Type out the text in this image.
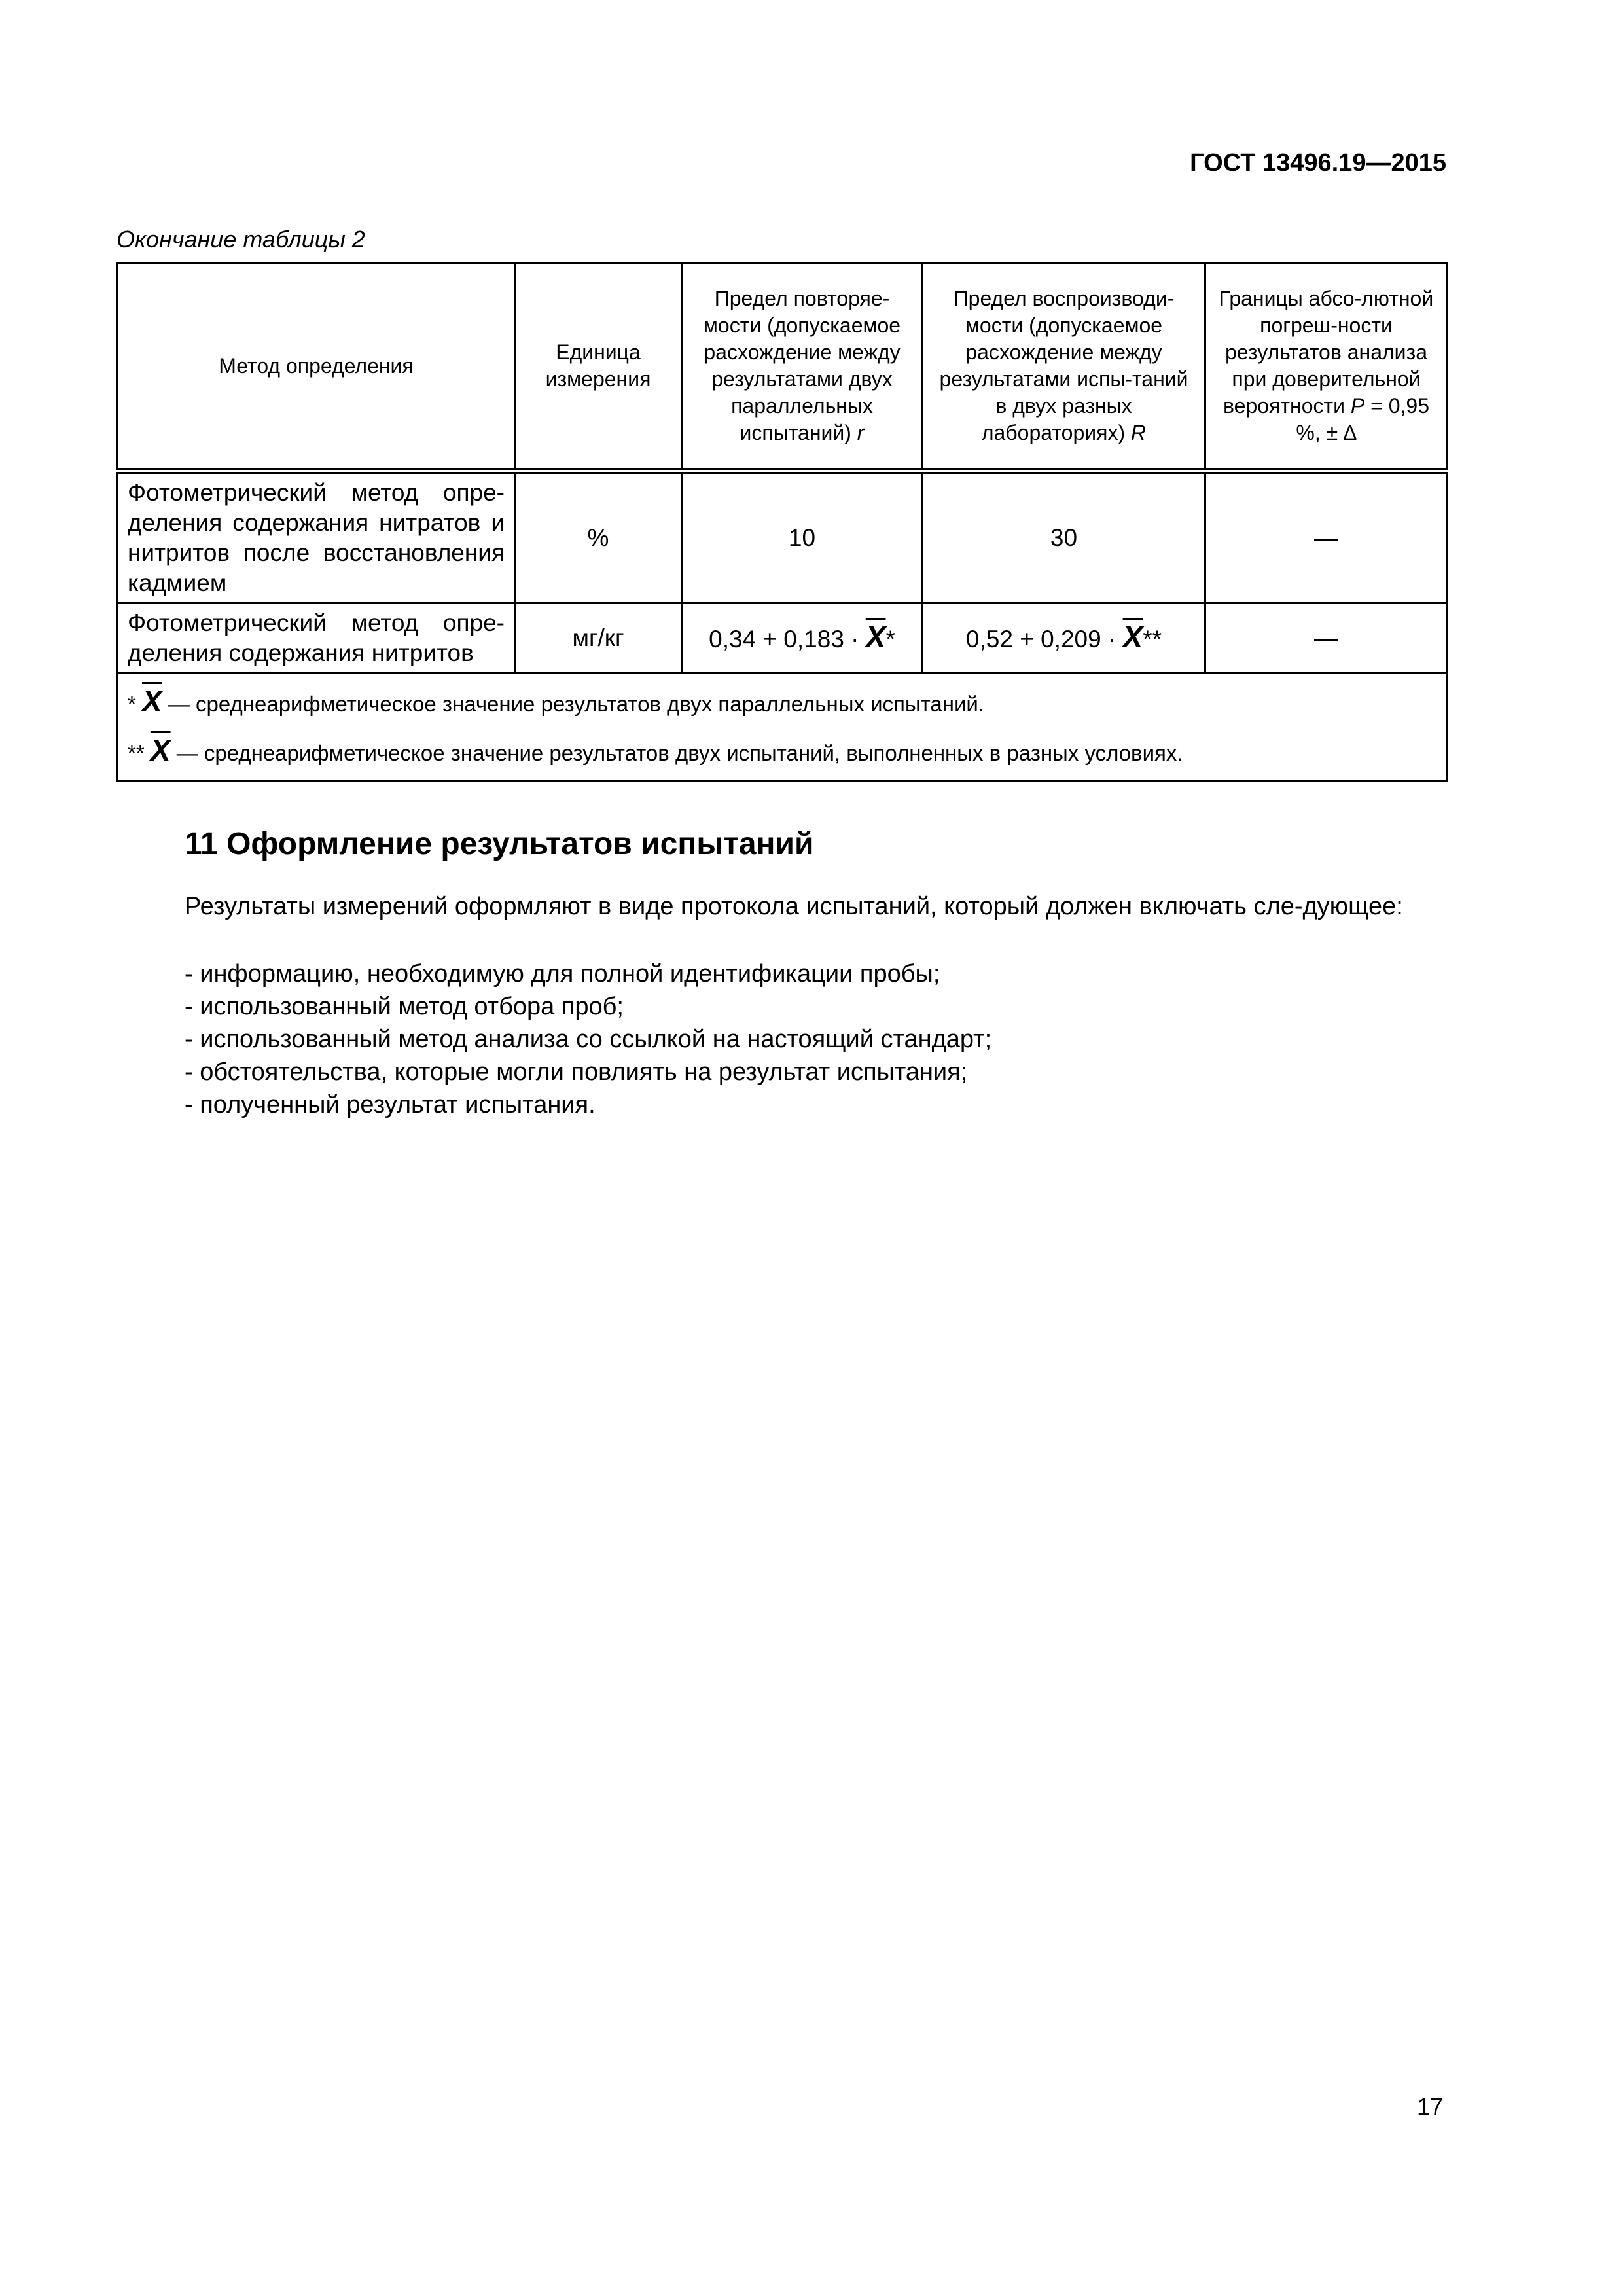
ГОСТ 13496.19—2015
Окончание таблицы 2
Метод определения	Единица измерения	Предел повторяе-мости (допускаемое расхождение между результатами двух параллельных испытаний) r	Предел воспроизводи-мости (допускаемое расхождение между результатами испы-таний в двух разных лабораториях) R	Границы абсо-лютной погреш-ности результатов анализа при доверительной вероятности P = 0,95 %, ± ∆
Фотометрический метод опре-деления содержания нитратов и нитритов после восстановления кадмием	%	10	30	—
Фотометрический метод опре-деления содержания нитритов	мг/кг	$0,34 + 0,183 \cdot \overline{X}*$	$0,52 + 0,209 \cdot \overline{X}**$	—

* $\overline{X}$ — среднеарифметическое значение результатов двух параллельных испытаний.
** $\overline{X}$ — среднеарифметическое значение результатов двух испытаний, выполненных в разных условиях.				
11 Оформление результатов испытаний
Результаты измерений оформляют в виде протокола испытаний, который должен включать сле-дующее:
- информацию, необходимую для полной идентификации пробы;
- использованный метод отбора проб;
- использованный метод анализа со ссылкой на настоящий стандарт;
- обстоятельства, которые могли повлиять на результат испытания;
- полученный результат испытания.
17
